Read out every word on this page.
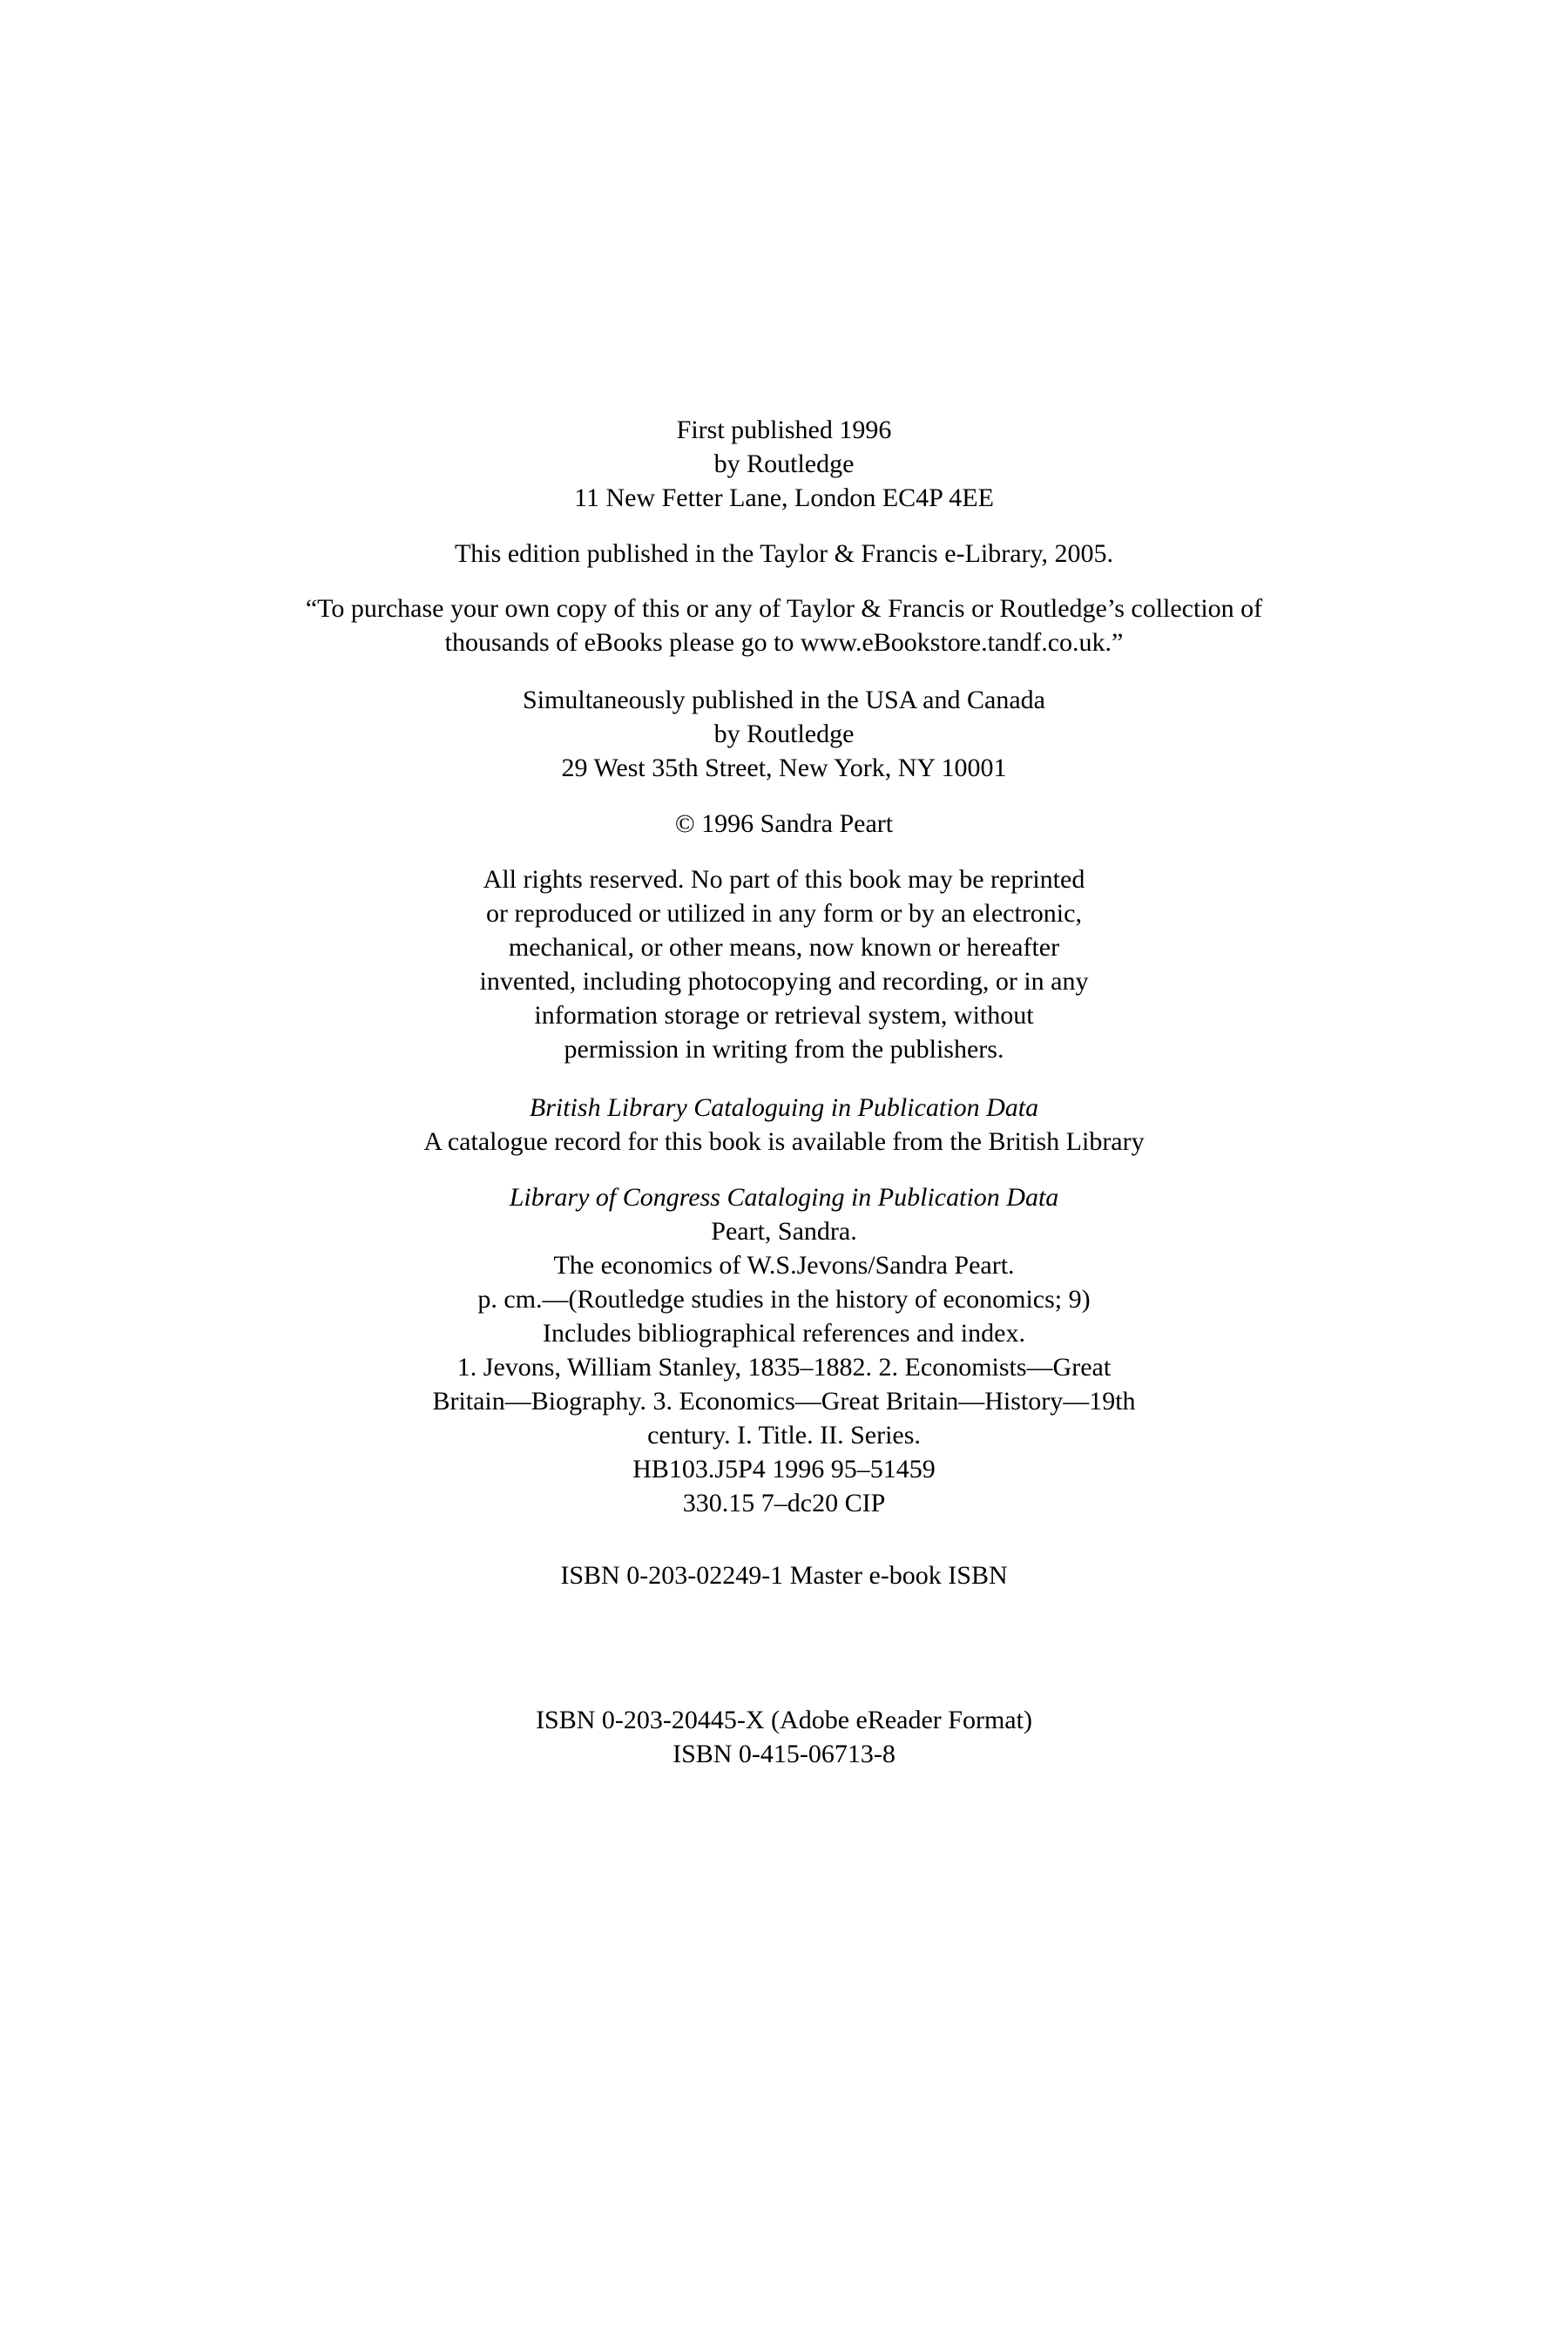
First published 1996
by Routledge
11 New Fetter Lane, London EC4P 4EE
This edition published in the Taylor & Francis e-Library, 2005.
“To purchase your own copy of this or any of Taylor & Francis or Routledge’s collection of
thousands of eBooks please go to www.eBookstore.tandf.co.uk.”
Simultaneously published in the USA and Canada
by Routledge
29 West 35th Street, New York, NY 10001
© 1996 Sandra Peart
All rights reserved. No part of this book may be reprinted
or reproduced or utilized in any form or by an electronic,
mechanical, or other means, now known or hereafter
invented, including photocopying and recording, or in any
information storage or retrieval system, without
permission in writing from the publishers.
British Library Cataloguing in Publication Data
A catalogue record for this book is available from the British Library
Library of Congress Cataloging in Publication Data
Peart, Sandra.
The economics of W.S.Jevons/Sandra Peart.
p. cm.—(Routledge studies in the history of economics; 9)
Includes bibliographical references and index.
1. Jevons, William Stanley, 1835–1882. 2. Economists—Great
Britain—Biography. 3. Economics—Great Britain—History—19th
century. I. Title. II. Series.
HB103.J5P4 1996 95–51459
330.15 7–dc20 CIP
ISBN 0-203-02249-1 Master e-book ISBN
ISBN 0-203-20445-X (Adobe eReader Format)
ISBN 0-415-06713-8
